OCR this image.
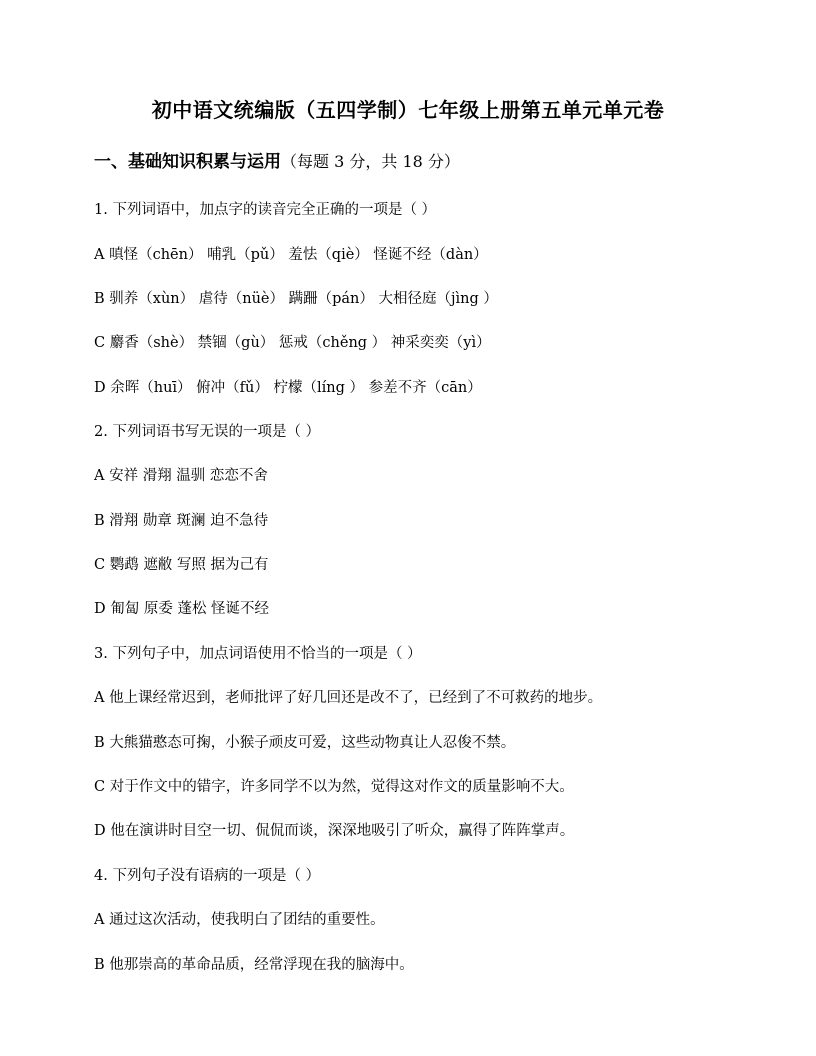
初中语文统编版（五四学制）七年级上册第五单元单元卷
一、基础知识积累与运用（每题 3 分，共 18 分）
1. 下列词语中，加点字的读音完全正确的一项是（ ）
A 嗔怪（chēn） 哺乳（pǔ） 羞怯（qiè） 怪诞不经（dàn）
B 驯养（xùn） 虐待（nüè） 蹒跚（pán） 大相径庭（jìng ）
C 麝香（shè） 禁锢（gù） 惩戒（chěng ） 神采奕奕（yì）
D 余晖（huī） 俯冲（fǔ） 柠檬（líng ） 参差不齐（cān）
2. 下列词语书写无误的一项是（ ）
A 安祥 滑翔 温驯 恋恋不舍
B 滑翔 勋章 斑澜 迫不急待
C 鹦鹉 遮敝 写照 据为己有
D 匍匐 原委 蓬松 怪诞不经
3. 下列句子中，加点词语使用不恰当的一项是（ ）
A 他上课经常迟到，老师批评了好几回还是改不了，已经到了不可救药的地步。
B 大熊猫憨态可掬，小猴子顽皮可爱，这些动物真让人忍俊不禁。
C 对于作文中的错字，许多同学不以为然，觉得这对作文的质量影响不大。
D 他在演讲时目空一切、侃侃而谈，深深地吸引了听众，赢得了阵阵掌声。
4. 下列句子没有语病的一项是（ ）
A 通过这次活动，使我明白了团结的重要性。
B 他那崇高的革命品质，经常浮现在我的脑海中。
